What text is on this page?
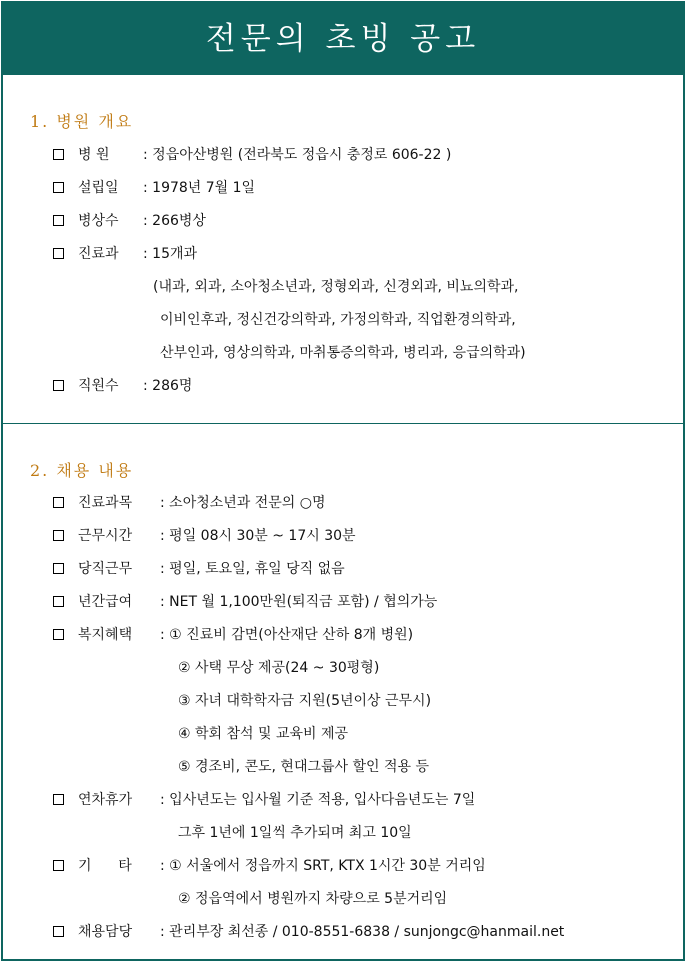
전문의 초빙 공고
1. 병원 개요
병 원 : 정읍아산병원 (전라북도 정읍시 충정로 606-22 )
설립일 : 1978년 7월 1일
병상수 : 266병상
진료과 : 15개과
(내과, 외과, 소아청소년과, 정형외과, 신경외과, 비뇨의학과,
이비인후과, 정신건강의학과, 가정의학과, 직업환경의학과,
산부인과, 영상의학과, 마취통증의학과, 병리과, 응급의학과)
직원수 : 286명
2. 채용 내용
진료과목 : 소아청소년과 전문의 ○명
근무시간 : 평일 08시 30분 ~ 17시 30분
당직근무 : 평일, 토요일, 휴일 당직 없음
년간급여 : NET 월 1,100만원(퇴직금 포함) / 협의가능
복지혜택 : ① 진료비 감면(아산재단 산하 8개 병원)
② 사택 무상 제공(24 ~ 30평형)
③ 자녀 대학학자금 지원(5년이상 근무시)
④ 학회 참석 및 교육비 제공
⑤ 경조비, 콘도, 현대그룹사 할인 적용 등
연차휴가 : 입사년도는 입사월 기준 적용, 입사다음년도는 7일
그후 1년에 1일씩 추가되며 최고 10일
기      타 : ① 서울에서 정읍까지 SRT, KTX 1시간 30분 거리임
② 정읍역에서 병원까지 차량으로 5분거리임
채용담당 : 관리부장 최선종 / 010-8551-6838 / sunjongc@hanmail.net
